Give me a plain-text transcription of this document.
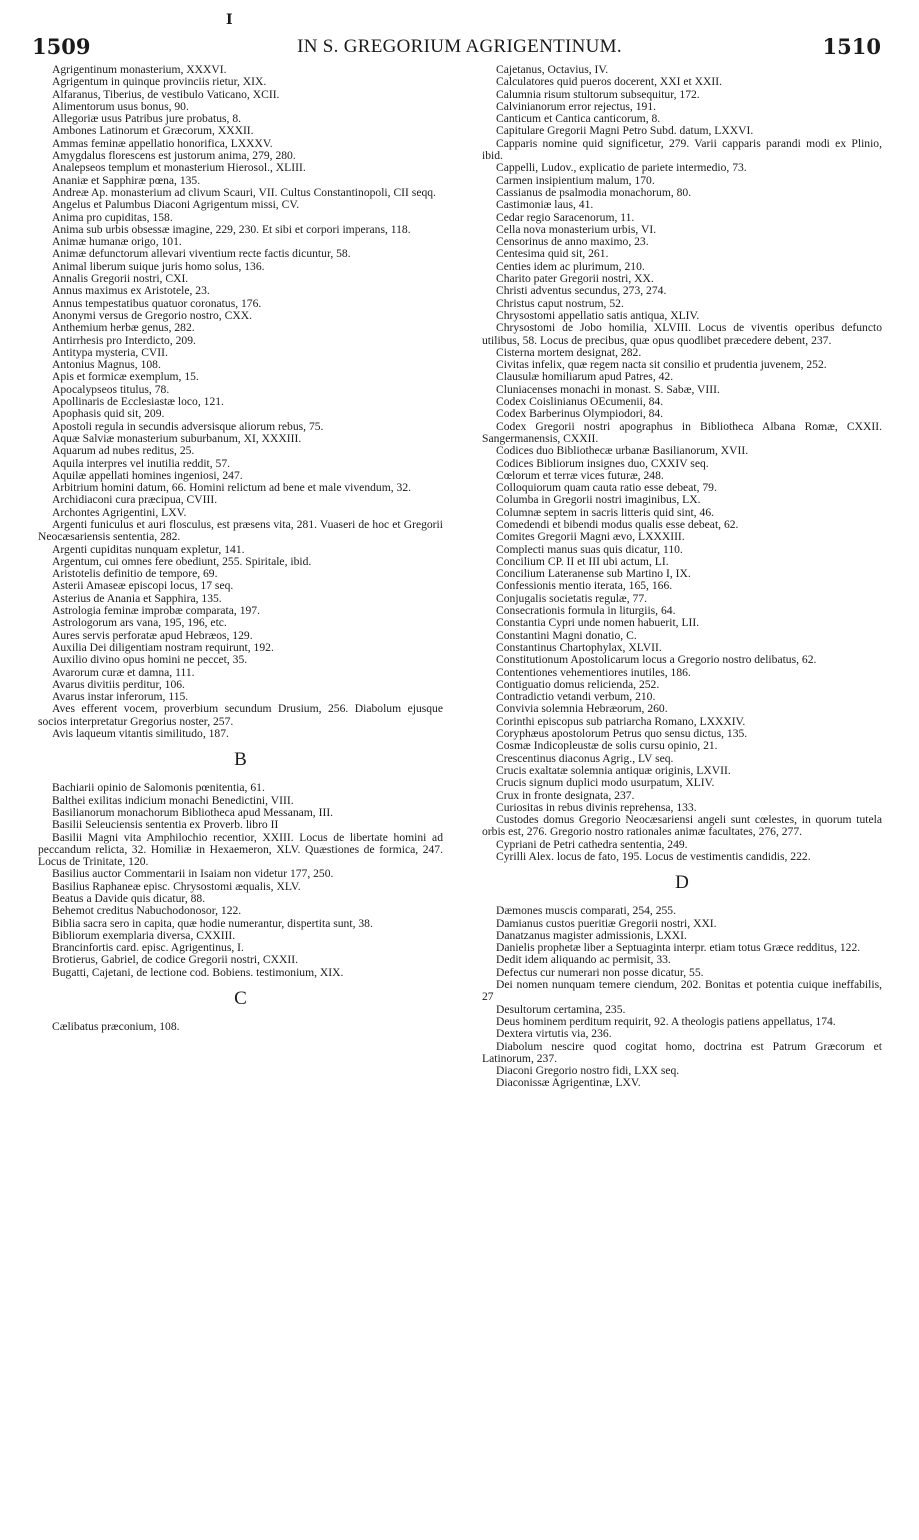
I
1509	IN S. GREGORIUM AGRIGENTINUM.	1510

Agrigentinum monasterium, XXXVI.

Agrigentum in quinque provinciis rietur, XIX.

Alfaranus, Tiberius, de vestibulo Vaticano, XCII.

Alimentorum usus bonus, 90.

Allegoriæ usus Patribus jure probatus, 8.

Ambones Latinorum et Græcorum, XXXII.

Ammas feminæ appellatio honorifica, LXXXV.

Amygdalus florescens est justorum anima, 279, 280.

Analepseos templum et monasterium Hierosol., XLIII.

Ananiæ et Sapphiræ pœna, 135.

Andreæ Ap. monasterium ad clivum Scauri, VII. Cultus Constantinopoli, CII seqq.

Angelus et Palumbus Diaconi Agrigentum missi, CV.

Anima pro cupiditas, 158.

Anima sub urbis obsessæ imagine, 229, 230. Et sibi et corpori imperans, 118.

Animæ humanæ origo, 101.

Animæ defunctorum allevari viventium recte factis dicuntur, 58.

Animal liberum suique juris homo solus, 136.

Annalis Gregorii nostri, CXI.

Annus maximus ex Aristotele, 23.

Annus tempestatibus quatuor coronatus, 176.

Anonymi versus de Gregorio nostro, CXX.

Anthemium herbæ genus, 282.

Antirrhesis pro Interdicto, 209.

Antitypa mysteria, CVII.

Antonius Magnus, 108.

Apis et formicæ exemplum, 15.

Apocalypseos titulus, 78.

Apollinaris de Ecclesiastæ loco, 121.

Apophasis quid sit, 209.

Apostoli regula in secundis adversisque aliorum rebus, 75.

Aquæ Salviæ monasterium suburbanum, XI, XXXIII.

Aquarum ad nubes reditus, 25.

Aquila interpres vel inutilia reddit, 57.

Aquilæ appellati homines ingeniosi, 247.

Arbitrium homini datum, 66. Homini relictum ad bene et male vivendum, 32.

Archidiaconi cura præcipua, CVIII.

Archontes Agrigentini, LXV.

Argenti funiculus et auri flosculus, est præsens vita, 281. Vuaseri de hoc et Gregorii Neocæsariensis sententia, 282.

Argenti cupiditas nunquam expletur, 141.

Argentum, cui omnes fere obediunt, 255. Spiritale, ibid.

Aristotelis definitio de tempore, 69.

Asterii Amaseæ episcopi locus, 17 seq.

Asterius de Anania et Sapphira, 135.

Astrologia feminæ improbæ comparata, 197.

Astrologorum ars vana, 195, 196, etc.

Aures servis perforatæ apud Hebræos, 129.

Auxilia Dei diligentiam nostram requirunt, 192.

Auxilio divino opus homini ne peccet, 35.

Avarorum curæ et damna, 111.

Avarus divitiis perditur, 106.

Avarus instar inferorum, 115.

Aves efferent vocem, proverbium secundum Drusium, 256. Diabolum ejusque socios interpretatur Gregorius noster, 257.

Avis laqueum vitantis similitudo, 187.

B

Bachiarii opinio de Salomonis pœnitentia, 61.

Balthei exilitas indicium monachi Benedictini, VIII.

Basilianorum monachorum Bibliotheca apud Messanam, III.

Basilii Seleuciensis sententia ex Proverb. libro II

Basilii Magni vita Amphilochio recentior, XXIII. Locus de libertate homini ad peccandum relicta, 32. Homiliæ in Hexaemeron, XLV. Quæstiones de formica, 247. Locus de Trinitate, 120.

Basilius auctor Commentarii in Isaiam non videtur 177, 250.

Basilius Raphaneæ episc. Chrysostomi æqualis, XLV.

Beatus a Davide quis dicatur, 88.

Behemot creditus Nabuchodonosor, 122.

Biblia sacra sero in capita, quæ hodie numerantur, dispertita sunt, 38.

Bibliorum exemplaria diversa, CXXIII.

Brancinfortis card. episc. Agrigentinus, I.

Brotierus, Gabriel, de codice Gregorii nostri, CXXII.

Bugatti, Cajetani, de lectione cod. Bobiens. testimonium, XIX.

C

Cælibatus præconium, 108.

Cajetanus, Octavius, IV.

Calculatores quid pueros docerent, XXI et XXII.

Calumnia risum stultorum subsequitur, 172.

Calvinianorum error rejectus, 191.

Canticum et Cantica canticorum, 8.

Capitulare Gregorii Magni Petro Subd. datum, LXXVI.

Capparis nomine quid significetur, 279. Varii capparis parandi modi ex Plinio, ibid.

Cappelli, Ludov., explicatio de pariete intermedio, 73.

Carmen insipientium malum, 170.

Cassianus de psalmodia monachorum, 80.

Castimoniæ laus, 41.

Cedar regio Saracenorum, 11.

Cella nova monasterium urbis, VI.

Censorinus de anno maximo, 23.

Centesima quid sit, 261.

Centies idem ac plurimum, 210.

Charito pater Gregorii nostri, XX.

Christi adventus secundus, 273, 274.

Christus caput nostrum, 52.

Chrysostomi appellatio satis antiqua, XLIV.

Chrysostomi de Jobo homilia, XLVIII. Locus de viventis operibus defuncto utilibus, 58. Locus de precibus, quæ opus quodlibet præcedere debent, 237.

Cisterna mortem designat, 282.

Civitas infelix, quæ regem nacta sit consilio et prudentia juvenem, 252.

Clausulæ homiliarum apud Patres, 42.

Cluniacenses monachi in monast. S. Sabæ, VIII.

Codex Coislinianus OEcumenii, 84.

Codex Barberinus Olympiodori, 84.

Codex Gregorii nostri apographus in Bibliotheca Albana Romæ, CXXII. Sangermanensis, CXXII.

Codices duo Bibliothecæ urbanæ Basilianorum, XVII.

Codices Bibliorum insignes duo, CXXIV seq.

Cœlorum et terræ vices futuræ, 248.

Colloquiorum quam cauta ratio esse debeat, 79.

Columba in Gregorii nostri imaginibus, LX.

Columnæ septem in sacris litteris quid sint, 46.

Comedendi et bibendi modus qualis esse debeat, 62.

Comites Gregorii Magni ævo, LXXXIII.

Complecti manus suas quis dicatur, 110.

Concilium CP. II et III ubi actum, LI.

Concilium Lateranense sub Martino I, IX.

Confessionis mentio iterata, 165, 166.

Conjugalis societatis regulæ, 77.

Consecrationis formula in liturgiis, 64.

Constantia Cypri unde nomen habuerit, LII.

Constantini Magni donatio, C.

Constantinus Chartophylax, XLVII.

Constitutionum Apostolicarum locus a Gregorio nostro delibatus, 62.

Contentiones vehementiores inutiles, 186.

Contiguatio domus relicienda, 252.

Contradictio vetandi verbum, 210.

Convivia solemnia Hebræorum, 260.

Corinthi episcopus sub patriarcha Romano, LXXXIV.

Coryphæus apostolorum Petrus quo sensu dictus, 135.

Cosmæ Indicopleustæ de solis cursu opinio, 21.

Crescentinus diaconus Agrig., LV seq.

Crucis exaltatæ solemnia antiquæ originis, LXVII.

Crucis signum duplici modo usurpatum, XLIV.

Crux in fronte designata, 237.

Curiositas in rebus divinis reprehensa, 133.

Custodes domus Gregorio Neocæsariensi angeli sunt cœlestes, in quorum tutela orbis est, 276. Gregorio nostro rationales animæ facultates, 276, 277.

Cypriani de Petri cathedra sententia, 249.

Cyrilli Alex. locus de fato, 195. Locus de vestimentis candidis, 222.

D

Dæmones muscis comparati, 254, 255.

Damianus custos pueritiæ Gregorii nostri, XXI.

Danatzanus magister admissionis, LXXI.

Danielis prophetæ liber a Septuaginta interpr. etiam totus Græce redditus, 122.

Dedit idem aliquando ac permisit, 33.

Defectus cur numerari non posse dicatur, 55.

Dei nomen nunquam temere ciendum, 202. Bonitas et potentia cuique ineffabilis, 27

Desultorum certamina, 235.

Deus hominem perditum requirit, 92. A theologis patiens appellatus, 174.

Dextera virtutis via, 236.

Diabolum nescire quod cogitat homo, doctrina est Patrum Græcorum et Latinorum, 237.

Diaconi Gregorio nostro fidi, LXX seq.

Diaconissæ Agrigentinæ, LXV.
